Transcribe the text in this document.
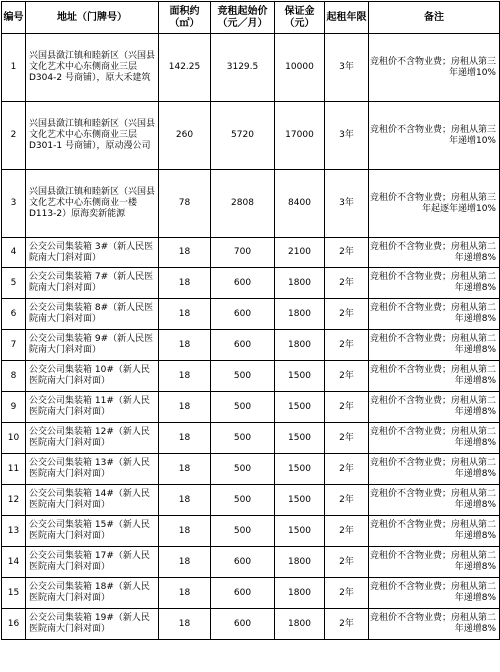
编号	地址（门牌号）	面积约（㎡）	竞租起始价（元／月）	保证金（元）	起租年限	备注
1	兴国县潋江镇和睦新区（兴国县文化艺术中心东侧商业三层 D304-2 号商铺），原大禾建筑	142.25	3129.5	10000	3年	竞租价不含物业费；房租从第三年递增10%
2	兴国县潋江镇和睦新区（兴国县文化艺术中心东侧商业三层 D301-1 号商铺），原动漫公司	260	5720	17000	3年	竞租价不含物业费；房租从第三年递增10%
3	兴国县潋江镇和睦新区（兴国县文化艺术中心东侧商业一楼 D113-2）原海奕新能源	78	2808	8400	3年	竞租价不含物业费；房租从第三年起逐年递增10%
4	公交公司集装箱 3#（新人民医院南大门斜对面）	18	700	2100	2年	竞租价不含物业费；房租从第二年递增8%
5	公交公司集装箱 7#（新人民医院南大门斜对面）	18	600	1800	2年	竞租价不含物业费；房租从第二年递增8%
6	公交公司集装箱 8#（新人民医院南大门斜对面）	18	600	1800	2年	竞租价不含物业费；房租从第二年递增8%
7	公交公司集装箱 9#（新人民医院南大门斜对面）	18	600	1800	2年	竞租价不含物业费；房租从第二年递增8%
8	公交公司集装箱 10#（新人民医院南大门斜对面）	18	500	1500	2年	竞租价不含物业费；房租从第二年递增8%
9	公交公司集装箱 11#（新人民医院南大门斜对面）	18	500	1500	2年	竞租价不含物业费；房租从第二年递增8%
10	公交公司集装箱 12#（新人民医院南大门斜对面）	18	500	1500	2年	竞租价不含物业费；房租从第二年递增8%
11	公交公司集装箱 13#（新人民医院南大门斜对面）	18	500	1500	2年	竞租价不含物业费；房租从第二年递增8%
12	公交公司集装箱 14#（新人民医院南大门斜对面）	18	500	1500	2年	竞租价不含物业费；房租从第二年递增8%
13	公交公司集装箱 15#（新人民医院南大门斜对面）	18	500	1500	2年	竞租价不含物业费；房租从第二年递增8%
14	公交公司集装箱 17#（新人民医院南大门斜对面）	18	600	1800	2年	竞租价不含物业费；房租从第二年递增8%
15	公交公司集装箱 18#（新人民医院南大门斜对面）	18	600	1800	2年	竞租价不含物业费；房租从第二年递增8%
16	公交公司集装箱 19#（新人民医院南大门斜对面）	18	600	1800	2年	竞租价不含物业费；房租从第二年递增8%
